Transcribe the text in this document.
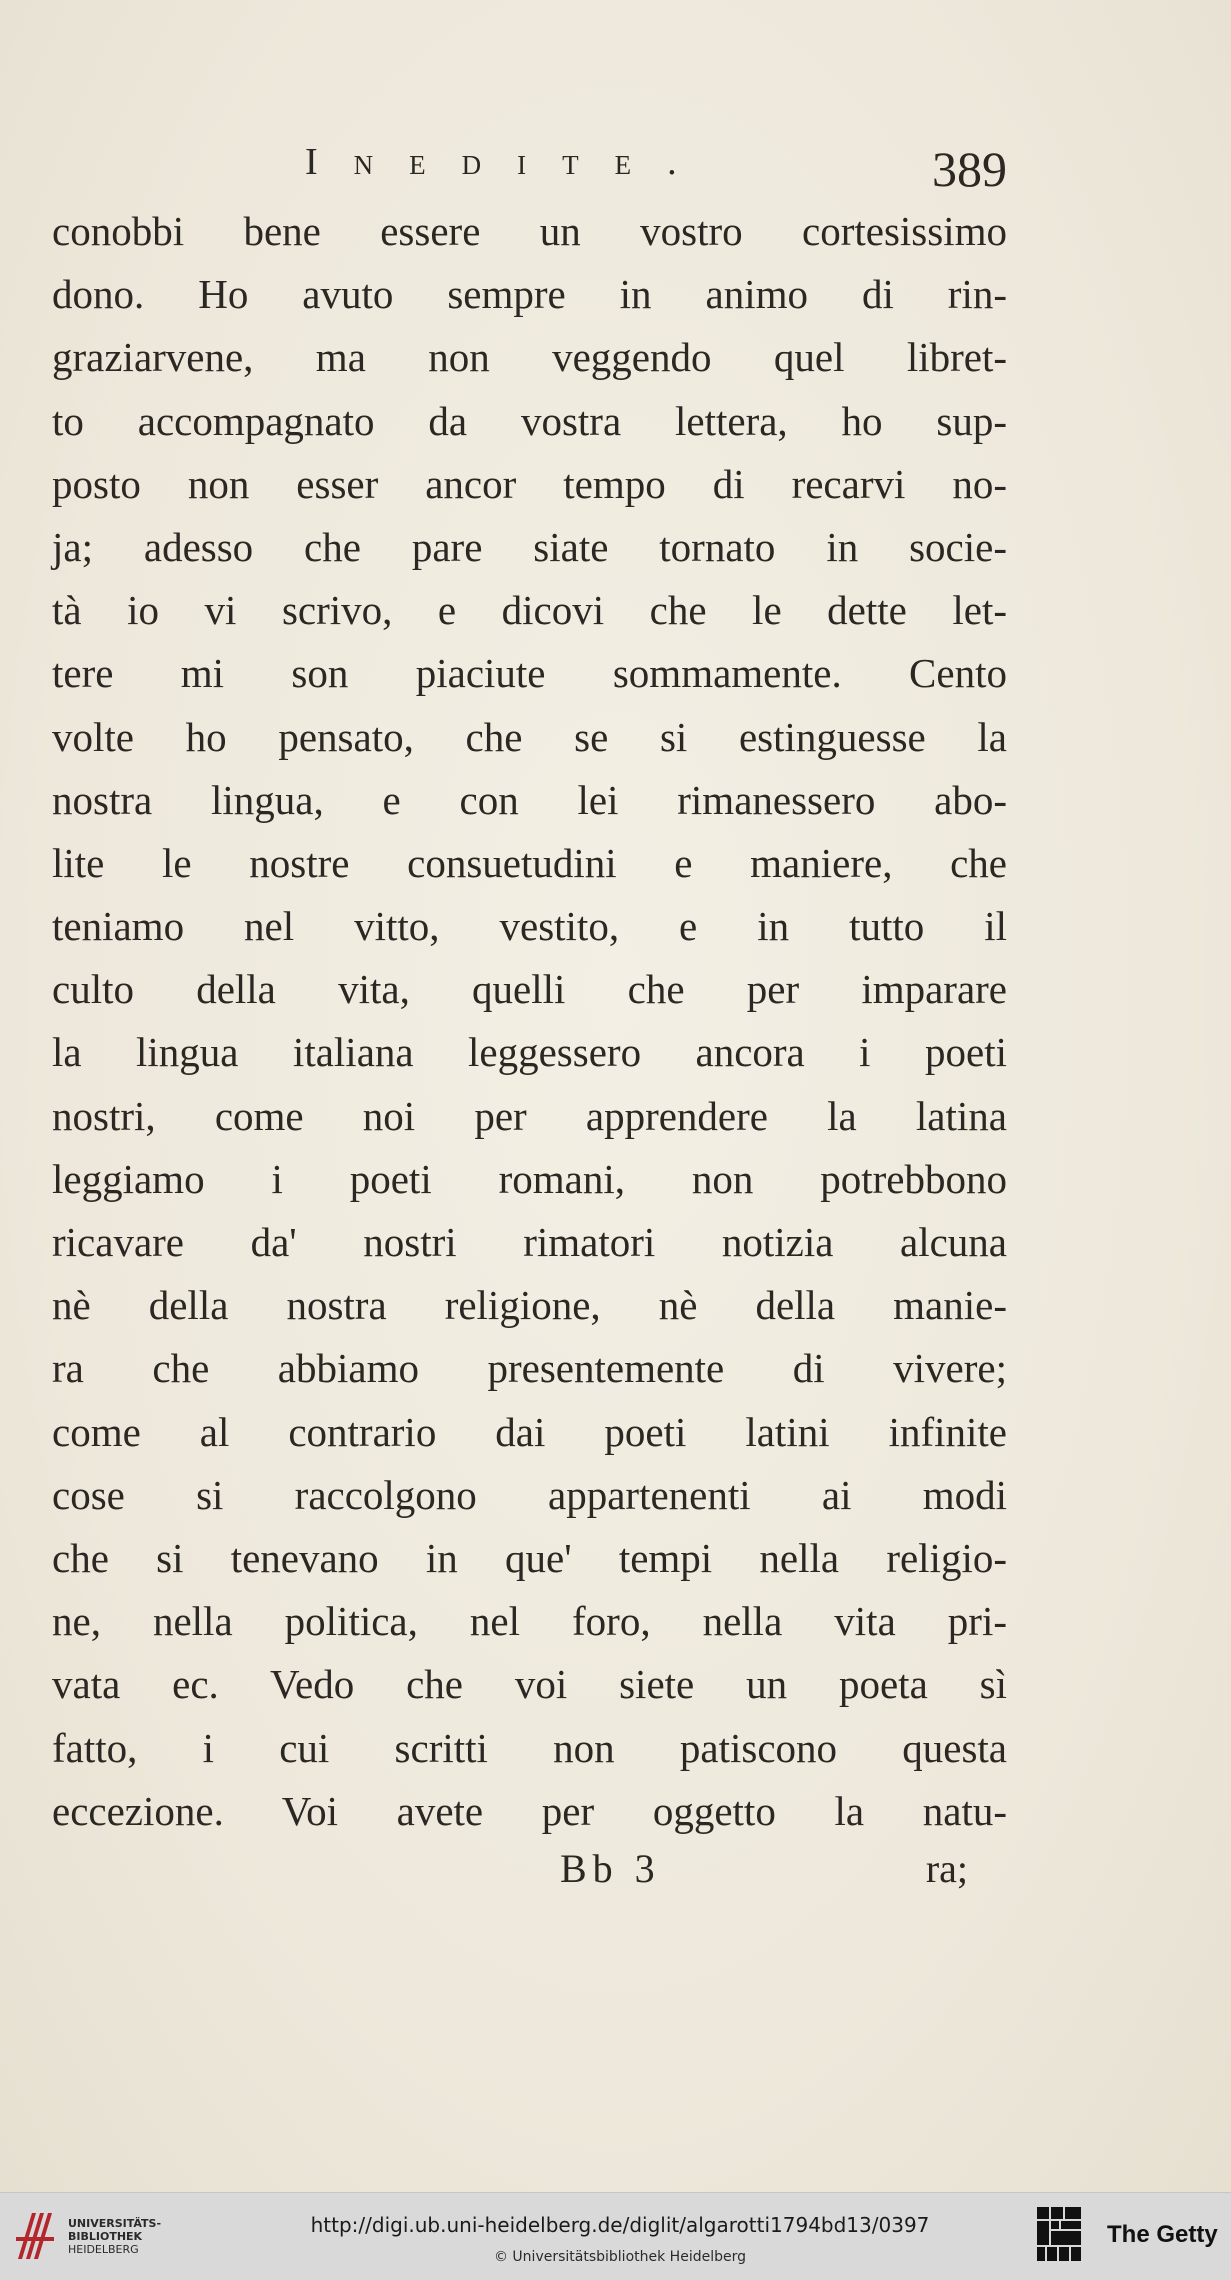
Inedite.	389
conobbi bene essere un vostro cortesissimo
dono. Ho avuto sempre in animo di rin-
graziarvene, ma non veggendo quel libret-
to accompagnato da vostra lettera, ho sup-
posto non esser ancor tempo di recarvi no-
ja; adesso che pare siate tornato in socie-
tà io vi scrivo, e dicovi che le dette let-
tere mi son piaciute sommamente. Cento
volte ho pensato, che se si estinguesse la
nostra lingua, e con lei rimanessero abo-
lite le nostre consuetudini e maniere, che
teniamo nel vitto, vestito, e in tutto il
culto della vita, quelli che per imparare
la lingua italiana leggessero ancora i poeti
nostri, come noi per apprendere la latina
leggiamo i poeti romani, non potrebbono
ricavare da' nostri rimatori notizia alcuna
nè della nostra religione, nè della manie-
ra che abbiamo presentemente di vivere;
come al contrario dai poeti latini infinite
cose si raccolgono appartenenti ai modi
che si tenevano in que' tempi nella religio-
ne, nella politica, nel foro, nella vita pri-
vata ec. Vedo che voi siete un poeta sì
fatto, i cui scritti non patiscono questa
eccezione. Voi avete per oggetto la natu-
Bb 3	ra;
UNIVERSITÄTS-
BIBLIOTHEK
HEIDELBERG
http://digi.ub.uni-heidelberg.de/diglit/algarotti1794bd13/0397
© Universitätsbibliothek Heidelberg
The Getty
